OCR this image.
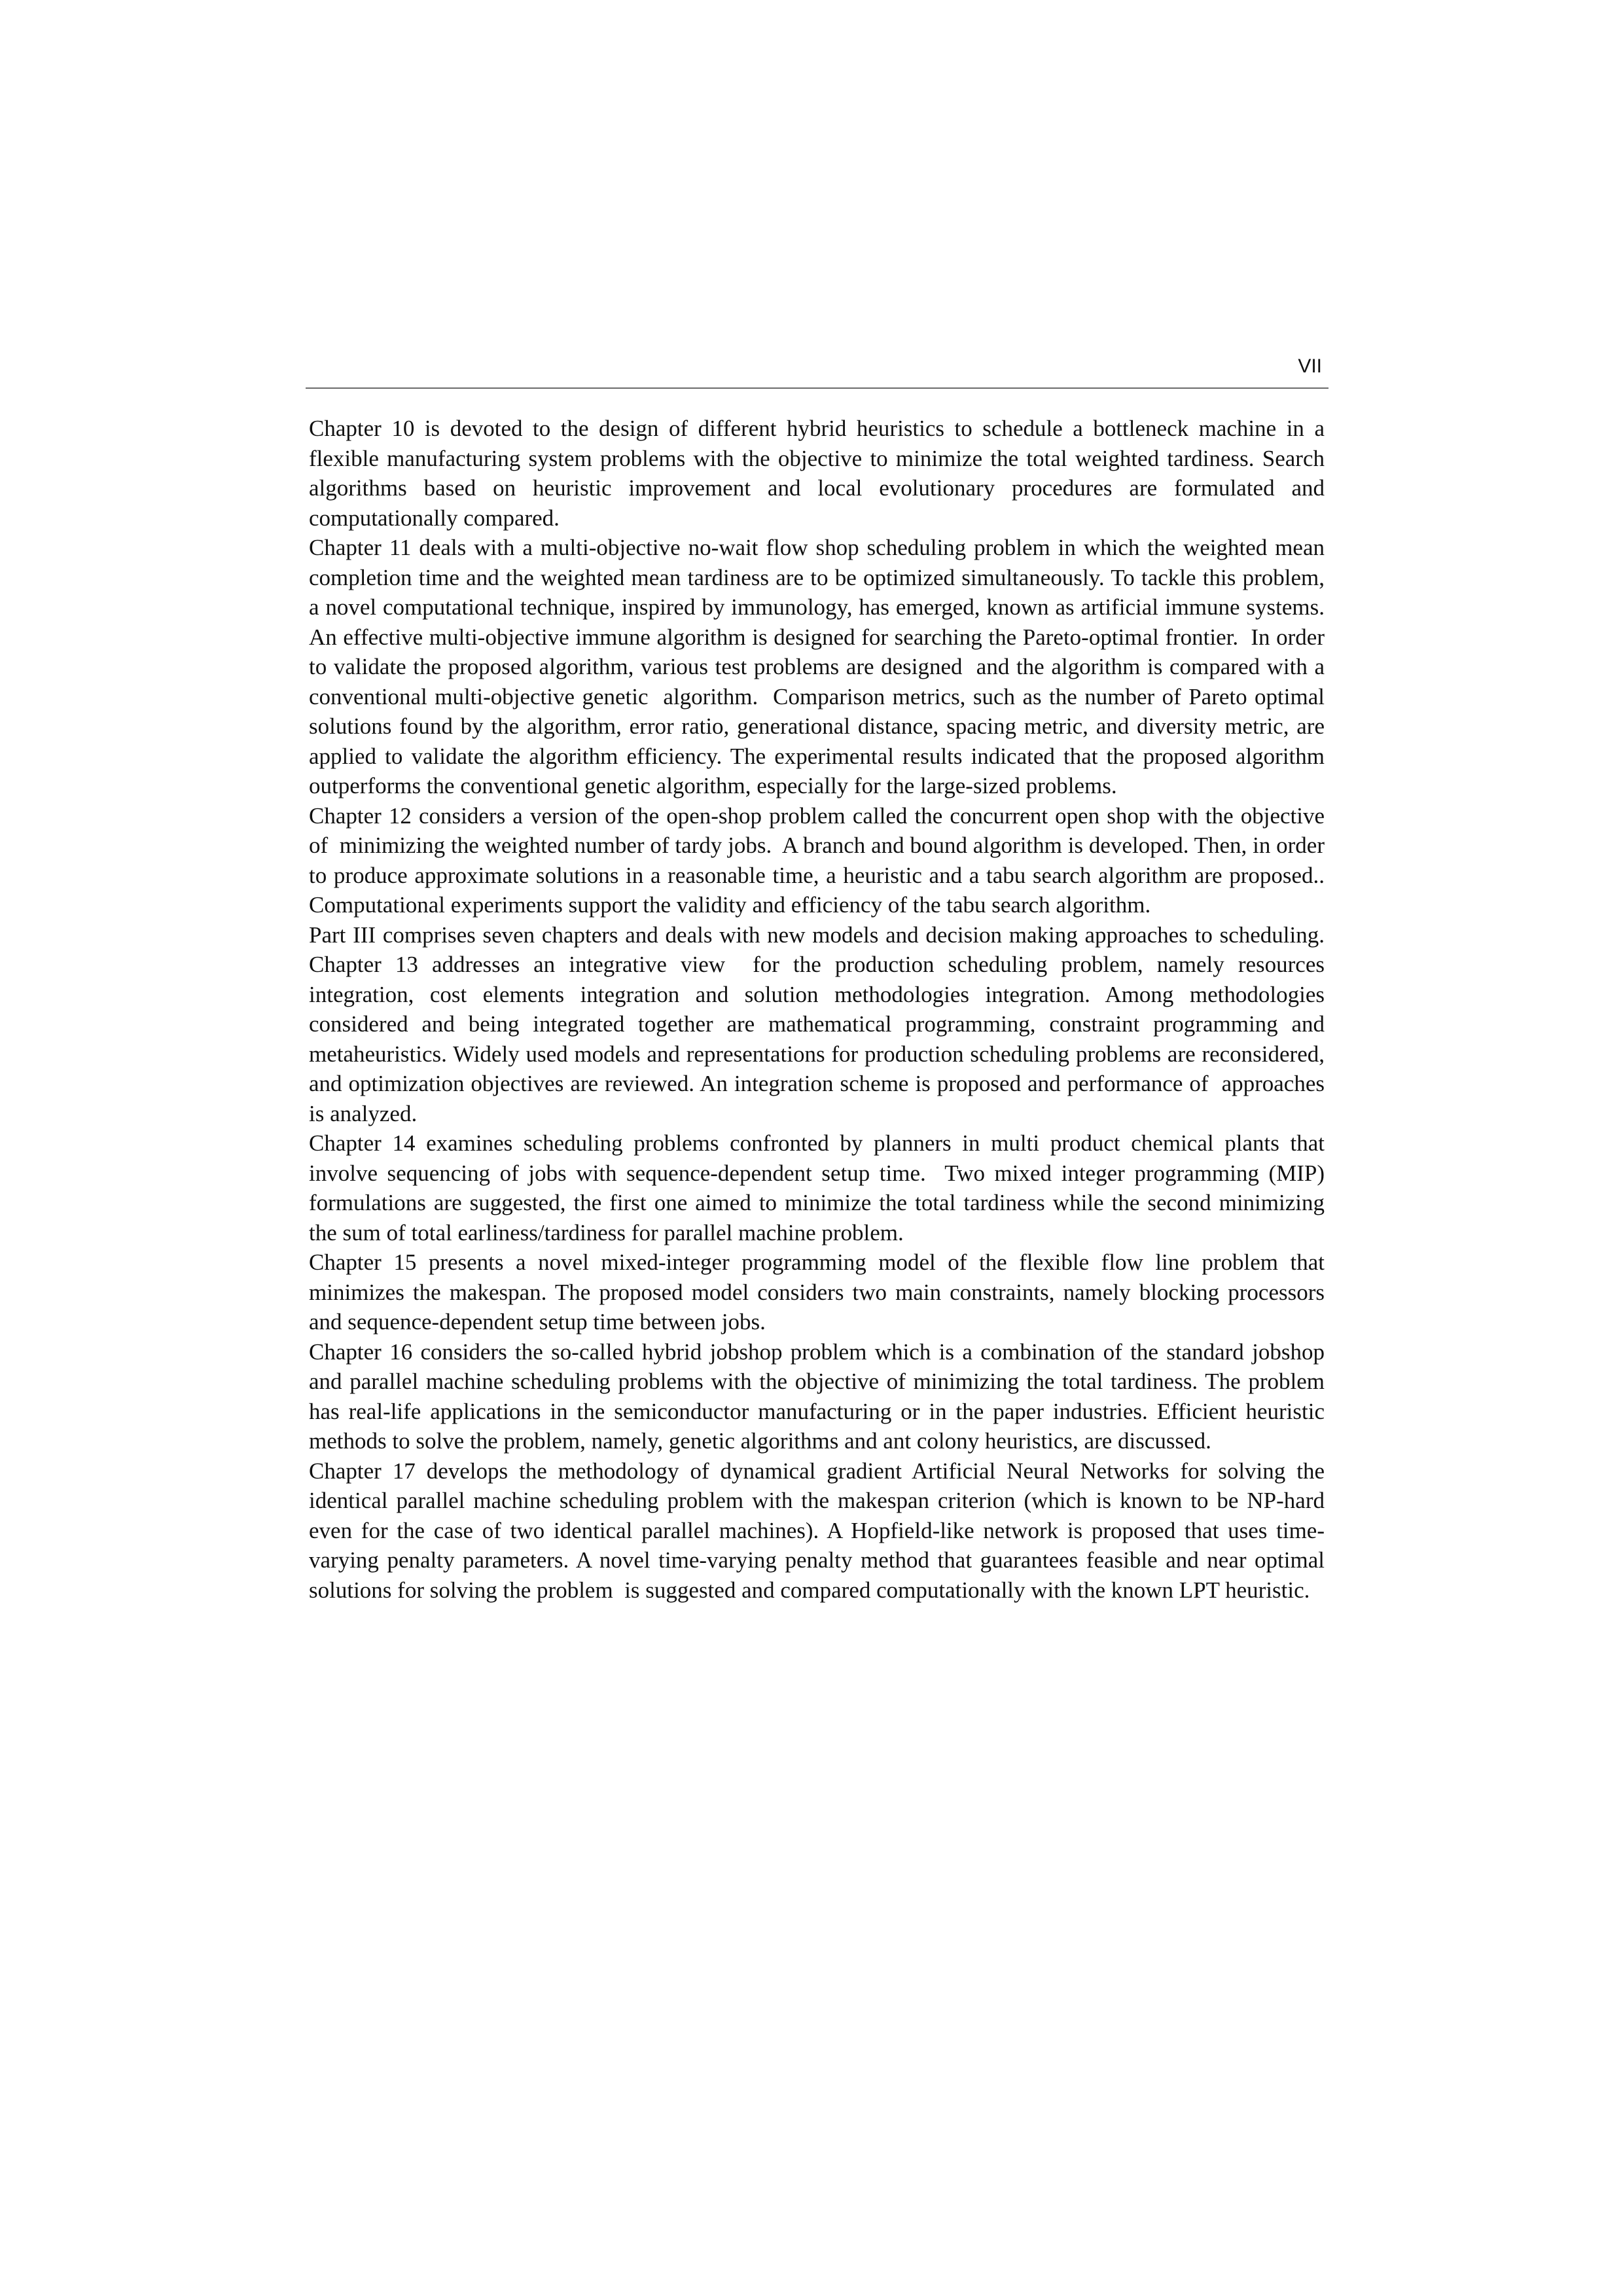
VII

Chapter 10 is devoted to the design of different hybrid heuristics to schedule a bottleneck machine in a flexible manufacturing system problems with the objective to minimize the total weighted tardiness. Search algorithms based on heuristic improvement and local evolutionary procedures are formulated and computationally compared.

Chapter 11 deals with a multi-objective no-wait flow shop scheduling problem in which the weighted mean completion time and the weighted mean tardiness are to be optimized simultaneously. To tackle this problem, a novel computational technique, inspired by immunology, has emerged, known as artificial immune systems. An effective multi-objective immune algorithm is designed for searching the Pareto-optimal frontier.  In order to validate the proposed algorithm, various test problems are designed  and the algorithm is compared with a conventional multi-objective genetic  algorithm.  Comparison metrics, such as the number of Pareto optimal solutions found by the algorithm, error ratio, generational distance, spacing metric, and diversity metric, are applied to validate the algorithm efficiency. The experimental results indicated that the proposed algorithm outperforms the conventional genetic algorithm, especially for the large-sized problems.

Chapter 12 considers a version of the open-shop problem called the concurrent open shop with the objective of  minimizing the weighted number of tardy jobs.  A branch and bound algorithm is developed. Then, in order to produce approximate solutions in a reasonable time, a heuristic and a tabu search algorithm are proposed.. Computational experiments support the validity and efficiency of the tabu search algorithm.

Part III comprises seven chapters and deals with new models and decision making approaches to scheduling. Chapter 13 addresses an integrative view  for the production scheduling problem, namely resources integration, cost elements integration and solution methodologies integration. Among methodologies considered and being integrated together are mathematical programming, constraint programming and metaheuristics. Widely used models and representations for production scheduling problems are reconsidered, and optimization objectives are reviewed. An integration scheme is proposed and performance of  approaches is analyzed.

Chapter 14 examines scheduling problems confronted by planners in multi product chemical plants that involve sequencing of jobs with sequence-dependent setup time.  Two mixed integer programming (MIP) formulations are suggested, the first one aimed to minimize the total tardiness while the second minimizing the sum of total earliness/tardiness for parallel machine problem.

Chapter 15 presents a novel mixed-integer programming model of the flexible flow line problem that minimizes the makespan. The proposed model considers two main constraints, namely blocking processors and sequence-dependent setup time between jobs.

Chapter 16 considers the so-called hybrid jobshop problem which is a combination of the standard jobshop and parallel machine scheduling problems with the objective of minimizing the total tardiness. The problem has real-life applications in the semiconductor manufacturing or in the paper industries. Efficient heuristic methods to solve the problem, namely, genetic algorithms and ant colony heuristics, are discussed.

Chapter 17 develops the methodology of dynamical gradient Artificial Neural Networks for solving the identical parallel machine scheduling problem with the makespan criterion (which is known to be NP-hard even for the case of two identical parallel machines). A Hopfield-like network is proposed that uses time-varying penalty parameters. A novel time-varying penalty method that guarantees feasible and near optimal solutions for solving the problem  is suggested and compared computationally with the known LPT heuristic.
